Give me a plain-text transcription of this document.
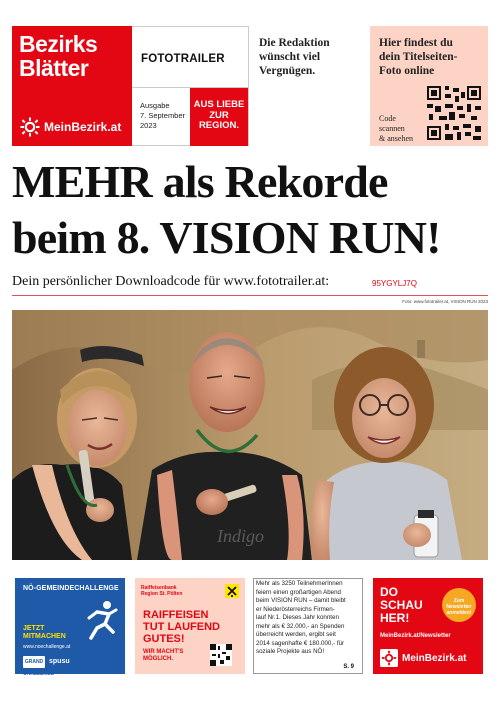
Bezirks
Blätter
MeinBezirk.at
FOTOTRAILER
Ausgabe
7. September
2023
AUS LIEBE
ZUR
REGION.
Die Redaktion
wünscht viel
Vergnügen.
Hier findest du
dein Titelseiten-
Foto online
Code
scannen
& ansehen
MEHR als Rekorde
beim 8. VISION RUN!
Dein persönlicher Downloadcode für www.fototrailer.at:	95YGYLJ7Q
Foto: www.fototrailer.at, VISION RUN 2023
Indigo
NÖ-GEMEINDECHALLENGE
JETZT
MITMACHEN
www.noechallenge.at
GRAND CHALLENGE
spusu
Raiffeisenbank
Region St. Pölten
RAIFFEISEN
TUT LAUFEND
GUTES!
WIR MACHT'S
MÖGLICH.
Mehr als 3250 TeilnehmerInnen
feiern einen großartigen Abend
beim VISION RUN – damit bleibt
er Niederösterreichs Firmen-
lauf Nr.1. Dieses Jahr konnten
mehr als € 32.000,- an Spenden
überreicht werden, ergibt seit
2014 sagenhafte € 180.000,- für
soziale Projekte aus NÖ!
S. 9
DO
SCHAU
HER!
Zum
Newsletter
anmelden!
MeinBezirk.at/Newsletter
MeinBezirk.at
